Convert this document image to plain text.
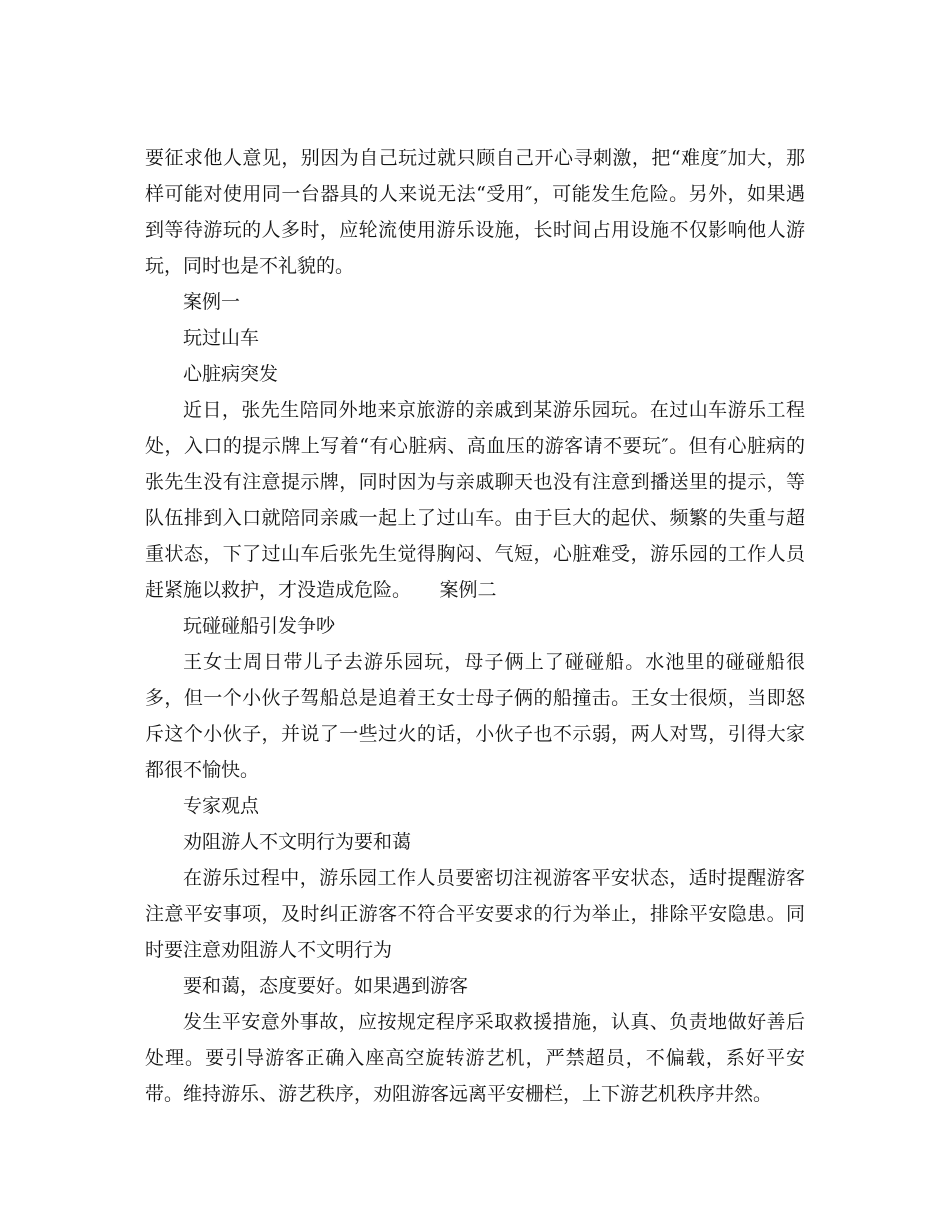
要征求他人意见，别因为自己玩过就只顾自己开心寻刺激，把“难度″加大，那样可能对使用同一台器具的人来说无法“受用″，可能发生危险。另外，如果遇到等待游玩的人多时，应轮流使用游乐设施，长时间占用设施不仅影响他人游玩，同时也是不礼貌的。

案例一

玩过山车

心脏病突发

近日，张先生陪同外地来京旅游的亲戚到某游乐园玩。在过山车游乐工程处，入口的提示牌上写着“有心脏病、高血压的游客请不要玩″。但有心脏病的张先生没有注意提示牌，同时因为与亲戚聊天也没有注意到播送里的提示，等队伍排到入口就陪同亲戚一起上了过山车。由于巨大的起伏、频繁的失重与超重状态，下了过山车后张先生觉得胸闷、气短，心脏难受，游乐园的工作人员赶紧施以救护，才没造成危险。　　案例二

玩碰碰船引发争吵

王女士周日带儿子去游乐园玩，母子俩上了碰碰船。水池里的碰碰船很多，但一个小伙子驾船总是追着王女士母子俩的船撞击。王女士很烦，当即怒斥这个小伙子，并说了一些过火的话，小伙子也不示弱，两人对骂，引得大家都很不愉快。

专家观点

劝阻游人不文明行为要和蔼

在游乐过程中，游乐园工作人员要密切注视游客平安状态，适时提醒游客注意平安事项，及时纠正游客不符合平安要求的行为举止，排除平安隐患。同时要注意劝阻游人不文明行为

要和蔼，态度要好。如果遇到游客

发生平安意外事故，应按规定程序采取救援措施，认真、负责地做好善后处理。要引导游客正确入座高空旋转游艺机，严禁超员，不偏载，系好平安带。维持游乐、游艺秩序，劝阻游客远离平安栅栏，上下游艺机秩序井然。
